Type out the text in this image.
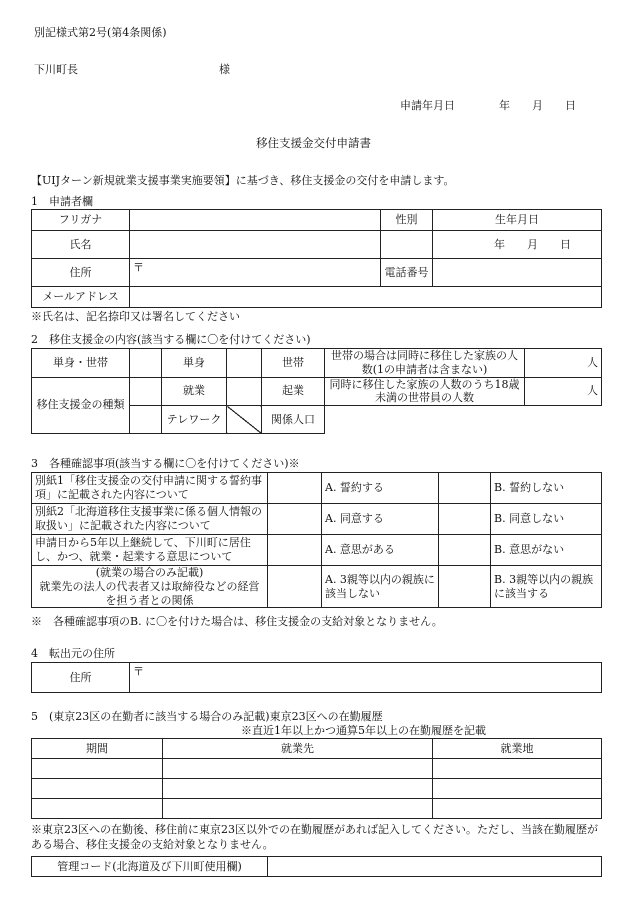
別記様式第2号(第4条関係)
下川町長	様
申請年月日　　　　年　　月　　日
移住支援金交付申請書
【UIJターン新規就業支援事業実施要領】に基づき、移住支援金の交付を申請します。
1　申請者欄
フリガナ		性別	生年月日
氏名			年　　月　　日
住所	〒	電話番号	
メールアドレス			
※氏名は、記名捺印又は署名してください
2　移住支援金の内容(該当する欄に〇を付けてください)
単身・世帯		単身		世帯	世帯の場合は同時に移住した家族の人数(1の申請者は含まない)	人
移住支援金の種類		就業		起業	同時に移住した家族の人数のうち18歳未満の世帯員の人数	人
		テレワーク		関係人口		
3　各種確認事項(該当する欄に〇を付けてください)※
別紙1「移住支援金の交付申請に関する誓約事項」に記載された内容について		A. 誓約する		B. 誓約しない
別紙2「北海道移住支援事業に係る個人情報の取扱い」に記載された内容について		A. 同意する		B. 同意しない
申請日から5年以上継続して、下川町に居住し、かつ、就業・起業する意思について		A. 意思がある		B. 意思がない
(就業の場合のみ記載)
就業先の法人の代表者又は取締役などの経営を担う者との関係		A. 3親等以内の親族に該当しない		B. 3親等以内の親族に該当する
※　各種確認事項のB. に〇を付けた場合は、移住支援金の支給対象となりません。
4　転出元の住所
住所	〒
5　(東京23区の在勤者に該当する場合のみ記載)東京23区への在勤履歴
※直近1年以上かつ通算5年以上の在勤履歴を記載
期間	就業先	就業地

※東京23区への在勤後、移住前に東京23区以外での在勤履歴があれば記入してください。ただし、当該在勤履歴がある場合、移住支援金の支給対象となりません。
管理コード(北海道及び下川町使用欄)	
